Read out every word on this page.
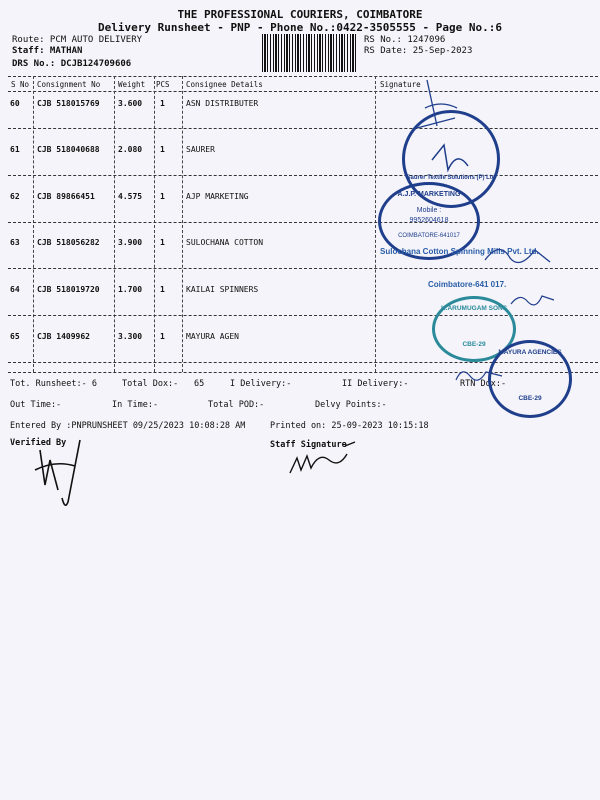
THE PROFESSIONAL COURIERS, COIMBATORE
Delivery Runsheet - PNP - Phone No.:0422-3505555 - Page No.:6
Route: PCM AUTO DELIVERY
Staff: MATHAN
DRS No.: DCJB124709606
RS No.: 1247096
RS Date: 25-Sep-2023
S No Consignment No Weight PCS Consignee Details	Signature
60 CJB 518015769 3.600 1	ASN DISTRIBUTER
61 CJB 518040688 2.080 1	SAURER
62 CJB 89866451	4.575 1	AJP MARKETING
63 CJB 518056282 3.900 1	SULOCHANA COTTON
64 CJB 518019720 1.700 1	KAILAI SPINNERS
65 CJB 1409962	3.300 1	MAYURA AGEN
Tot. Runsheet:- 6	Total Dox:- 65	I Delivery:-	II Delivery:-	RTN Dox:-
Out Time:-	In Time:-	Total POD:-	Delvy Points:-
Entered By :PNPRUNSHEET 09/25/2023 10:08:28 AM	Printed on: 25-09-2023 10:15:18
Verified By	Staff Signature
Saurer Textile Solutions (P) Ltd
A.J.P. MARKETING
Mobile :
9952604618
COIMBATORE-641017
Sulochana Cotton Spinning Mills Pvt. Ltd.
Coimbatore-641 017.
K.ARUMUGAM SONS
CBE-29
MAYURA AGENCIES
CBE-29
